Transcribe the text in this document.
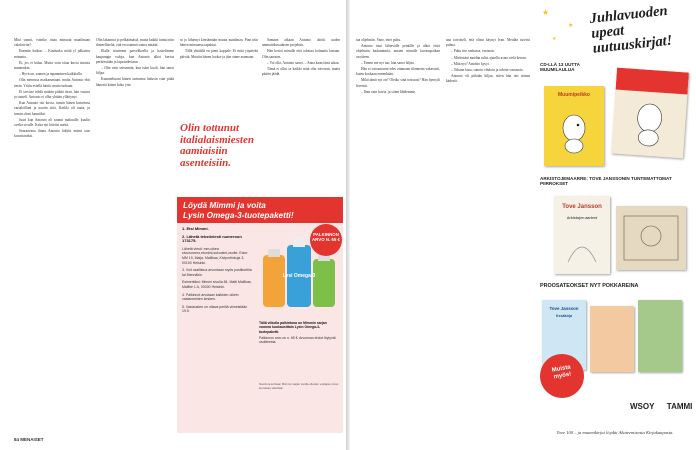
Mitä sanoit, vointko ottaa minuuta maailmaan valokuviin?

Enemän katkoo. – Kuuluuko nöitä yl julkaistu minuuta.

Ei, jos ei halua. Mutta voin ottaa kuvia sinusta muutenkin.

– Hyvä on, saanen ja tapaaminen kaikkialla.

Olin menossa maikarumaan, mutta Antonio ehti ensin. Yritin estellä häntä, mutta turhaan.

Ei tarvitse tehdä mitään pitkää tässä, hän vastasi ja suuteli. Antonio ei ollut yhtään yllättynyt.

Kun Antonio otti kuvia, tunsin hänen katseensa vartaloillani ja nautin siitä. Kaikki oli uutta, ja tunsin oloni kauniiksi.

Juuri kun Antonio oli saanut makuulle, kuulin ovelta sivulle. Kuka nyt häiritsi meitä.

Seuraavana iltana Antonio hälytti minut taas kuvattavaksi.

Olin lakannut jo pelkäämästä, mutta kaikki tuntui niin ihmeelliseltä, että en osannut sanoa mitään.

Illalla istuimme parvekkeella ja katselimme kaupungin valoja, kun Antonio alkoi kertoa perheestään ja lapsuudestaan.

– Olin vain seitsemän, kun isäni kuoli, hän sanoi hiljaa.

Kuunneltuani hänen tarinansa halusin vain pitää hänestä kiinni koko yön.

ni jo lähtenyt kiertämään muuta maailmaa. Pian niin hänen minuunsa tapahtui.

Tällä yhtäällä en pieni kappale. Ei mitä yöpäivää päivää. Muutin hänen luokse ja jäin sinne asumaan.

Olin tottunut italialaismiesten aamiaisiin asenteisiin.

Samaan aikaan Antonio aloitti uuden ammattikuvauksen projektin.

Hän kertoi minulle että odottaa kolmatta lastaan. Olin sanaton.

– Voi olla, Antonio sanoi. – Anna kaan tästä aikaa.

Tämä ei ollut se kaikki mitä olin toivonut, mutta päätin jäädä.

Löydä Mimmi ja voita
Lysin Omega-3-tuotepaketti!

1. Etsi Mimmi.

2. Lähetä tekstiviesti numeroon 173175.

Lähetä viesti: mm,oikea sivunumero,etunimi,sukunimi,osoite. Esim: MM 19, Maija, Mallikas, Kiviportinkuja 3, 00100 Helsinki.

3. Voit osallistua arvontaan myös postikortilla tai Mennäkin.

Esimerkiksi: Mimmi sivulla 84, Matti Mallikas, Mallitie 1 A, 00000 Helsinki.

4. Palkinnot arvotaan kaikkien oikein vastanneiden kesken.

5. Vastausten on oltava perillä viimeistään 19.5.

Lysi Omega-3
PALKINNON ARVO N. 65 €

Tällä viikolla palkintona on Mimmin sarjan vuonna kuukausittain Lysin Omega-3-tuotepaketti.

Palkinnon arvo on n. 65 €. Arvonnan ehdot löytyvät osoitteesta.

Nuorinna kohtaan Mimmin sarjan sivulla olleiden voittajien nimet kerrotaan viikoittain.
84 MENAISET

taa ohjelmiin. Vano, ettei puhu.

Antonio istui lähtevälle penkille ja alkoi etsiä ohjelmiin kadunnimiä, antaen minulle kuvauspaikan osoitteen.

– Emme me nyt tuo, hän sanoi hiljaa.

Hän ei vaivautunut edes ottamaan tilannetta vakavasti, kuten koskaan ennenkään.

Mikä tämä nyt on? Oletko sinä tosissasi? Hän hymyili leveästi.

– Ihan vain kuvia, ja sitten lähdemme.

ana toivotteli, että olisin käynyt Ivan. Meidän tarvitsi puhua.

– Puhu itse rauhassa, vastasin.

– Mielestäni meidän tulisi ajatella asiaa vielä kerran.

– Mitä nyt? Antonio kysyi.

– Odotan lasta, sanoin vihdoin ja odotin vastausta.

Antonio oli pitkään hiljaa, sitten hän otti minua kädestä.

★
★
★
Juhlavuoden upeat uutuuskirjat!
CD-LLÄ 13 UUTTA MUUMILAULUA
Muumipeikko
ARKISTOJEMAARRE: TOVE JANSSONIN TUNTEMATTOMAT PIIRROKSET
Tove Jansson
Arkistojen aarteet
PROOSATEOKSET NYT POKKAREINA
Tove Jansson
Kesäkirja
Muista myös!
WSOY TAMMI
Tove 100 – ja muumikirjat löydät Akateemisesta Kirjakaupasta.
